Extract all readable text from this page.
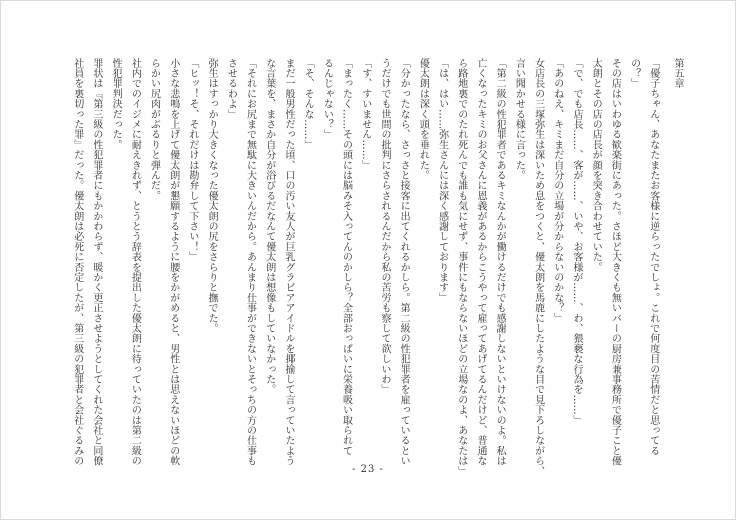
第五章

「優子ちゃん、あなたまたお客様に逆らったでしょ。これで何度目の苦情だと思ってる

の？」

その店はいわゆる歓楽街にあった。さほど大きくも無いバーの厨房兼事務所で優子こと優

太朗とその店の店長が顔を突き合わせていた。

「で、でも店長……、客が……、いや、お客様が……、わ、猥褻な行為を……」

「あのねえ、キミまだ自分の立場が分からないのかな？」

女店長の三塚弥生は深いため息をつくと、優太朗を馬鹿にしたような目で見下ろしながら、

言い聞かせる様に言った。

「第二級の性犯罪者であるキミなんかが働けるだけでも感謝しないといけないのよ。私は

亡くなったキミのお父さんに恩義があるからこうやって雇ってあげてるんだけど、普通な

ら路地裏でのたれ死んでも誰も気にせず、事件にもならないほどの立場なのよ、あなたは」

「は、はい……弥生さんには深く感謝しております」

優太朗は深く頭を垂れた。

「分かったなら、さっさと接客に出てくれるかしら。第二級の性犯罪者を雇っているとい

うだけでも世間の批判にさらされるんだから私の苦労も察して欲しいわ」

「す、すいません……」

「まったく……その頭には脳みそ入ってんのかしら？全部おっぱいに栄養吸い取られて

るんじゃない？」

「そ、そんな……」

まだ一般男性だった頃、口の汚い友人が巨乳グラビアアイドルを揶揄して言っていたよう

な言葉を、まさか自分が浴びるだなんて優太朗は想像もしていなかった。

「それにお尻まで無駄に大きいんだから。あんまり仕事ができないとそっちの方の仕事も

させるわよ」

弥生はすっかり大きくなった優太朗の尻をさらりと撫でた。

「ヒッ！そ、それだけは勘弁して下さい！」

小さな悲鳴を上げて優太朗が懇願するように腰をかがめると、男性とは思えないほどの軟

らかい尻肉がぶるりと弾んだ。

社内でのイジメに耐えきれず、とうとう辞表を提出した優太朗に待っていたのは第二級の

性犯罪判決だった。

罪状は『第三級の性犯罪者にもかかわらず、暖かく更正させようとしてくれた会社と同僚

社員を裏切った罪』だった。優太朗は必死に否定したが、第三級の犯罪者と会社ぐるみの

- 23 -
